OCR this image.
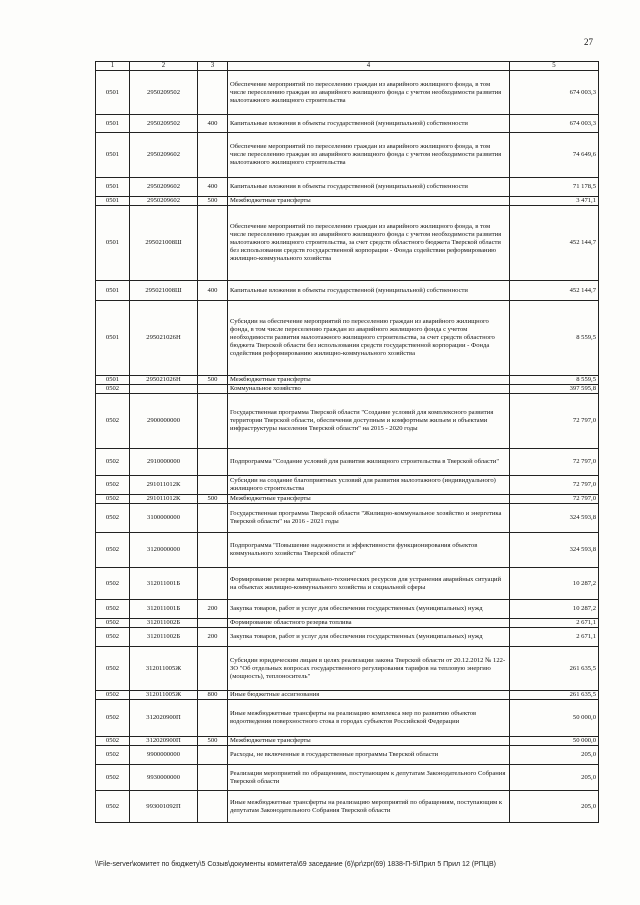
27
1	2	3	4	5
0501	2950209502		Обеспечение мероприятий по переселению граждан из аварийного жилищного фонда, в том числе переселению граждан из аварийного жилищного фонда с учетом необходимости развития малоэтажного жилищного строительства	674 003,3
0501	2950209502	400	Капитальные вложения в объекты государственной (муниципальной) собственности	674 003,3
0501	2950209602		Обеспечение мероприятий по переселению граждан из аварийного жилищного фонда, в том числе переселению граждан из аварийного жилищного фонда с учетом необходимости развития малоэтажного жилищного строительства	74 649,6
0501	2950209602	400	Капитальные вложения в объекты государственной (муниципальной) собственности	71 178,5
0501	2950209602	500	Межбюджетные трансферты	3 471,1
0501	295021008Ш		Обеспечение мероприятий по переселению граждан из аварийного жилищного фонда, в том числе переселению граждан из аварийного жилищного фонда с учетом необходимости развития малоэтажного жилищного строительства, за счет средств областного бюджета Тверской области без использования средств государственной корпорации - Фонда содействия реформированию жилищно-коммунального хозяйства	452 144,7
0501	295021008Ш	400	Капитальные вложения в объекты государственной (муниципальной) собственности	452 144,7
0501	295021026Н		Субсидии на обеспечение мероприятий по переселению граждан из аварийного жилищного фонда, в том числе переселению граждан из аварийного жилищного фонда с учетом необходимости развития малоэтажного жилищного строительства, за счет средств областного бюджета Тверской области без использования средств государственной корпорации - Фонда содействия реформированию жилищно-коммунального хозяйства	8 559,5
0501	295021026Н	500	Межбюджетные трансферты	8 559,5
0502			Коммунальное хозяйство	397 595,8
0502	2900000000		Государственная программа Тверской области "Создание условий для комплексного развития территории Тверской области, обеспечения доступным и комфортным жильем и объектами инфраструктуры населения Тверской области" на 2015 - 2020 годы	72 797,0
0502	2910000000		Подпрограмма "Создание условий для развития жилищного строительства в Тверской области"	72 797,0
0502	291011012К		Субсидии на создание благоприятных условий для развития малоэтажного (индивидуального) жилищного строительства	72 797,0
0502	291011012К	500	Межбюджетные трансферты	72 797,0
0502	3100000000		Государственная программа Тверской области "Жилищно-коммунальное хозяйство и энергетика Тверской области" на 2016 - 2021 годы	324 593,8
0502	3120000000		Подпрограмма "Повышение надежности и эффективности функционирования объектов коммунального хозяйства Тверской области"	324 593,8
0502	312011001Б		Формирование резерва материально-технических ресурсов для устранения аварийных ситуаций на объектах жилищно-коммунального хозяйства и социальной сферы	10 287,2
0502	312011001Б	200	Закупка товаров, работ и услуг для обеспечения государственных (муниципальных) нужд	10 287,2
0502	312011002Б		Формирование областного резерва топлива	2 671,1
0502	312011002Б	200	Закупка товаров, работ и услуг для обеспечения государственных (муниципальных) нужд	2 671,1
0502	312011005Ж		Субсидии юридическим лицам в целях реализации закона Тверской области от 20.12.2012 № 122-ЗО "Об отдельных вопросах государственного регулирования тарифов на тепловую энергию (мощность), теплоноситель"	261 635,5
0502	312011005Ж	800	Иные бюджетные ассигнования	261 635,5
0502	312020900П		Иные межбюджетные трансферты на реализацию комплекса мер по развитию объектов водоотведения поверхностного стока в городах субъектов Российской Федерации	50 000,0
0502	312020900П	500	Межбюджетные трансферты	50 000,0
0502	9900000000		Расходы, не включенные в государственные программы Тверской области	205,0
0502	9930000000		Реализация мероприятий по обращениям, поступающим к депутатам Законодательного Собрания Тверской области	205,0
0502	993001092П		Иные межбюджетные трансферты на реализацию мероприятий по обращениям, поступающим к депутатам Законодательного Собрания Тверской области	205,0
\\File-server\комитет по бюджету\5 Созыв\документы комитета\69 заседание (6)\pr\zpr(69) 1838-П-5\Прил 5 Прил 12 (РПЦВ)
